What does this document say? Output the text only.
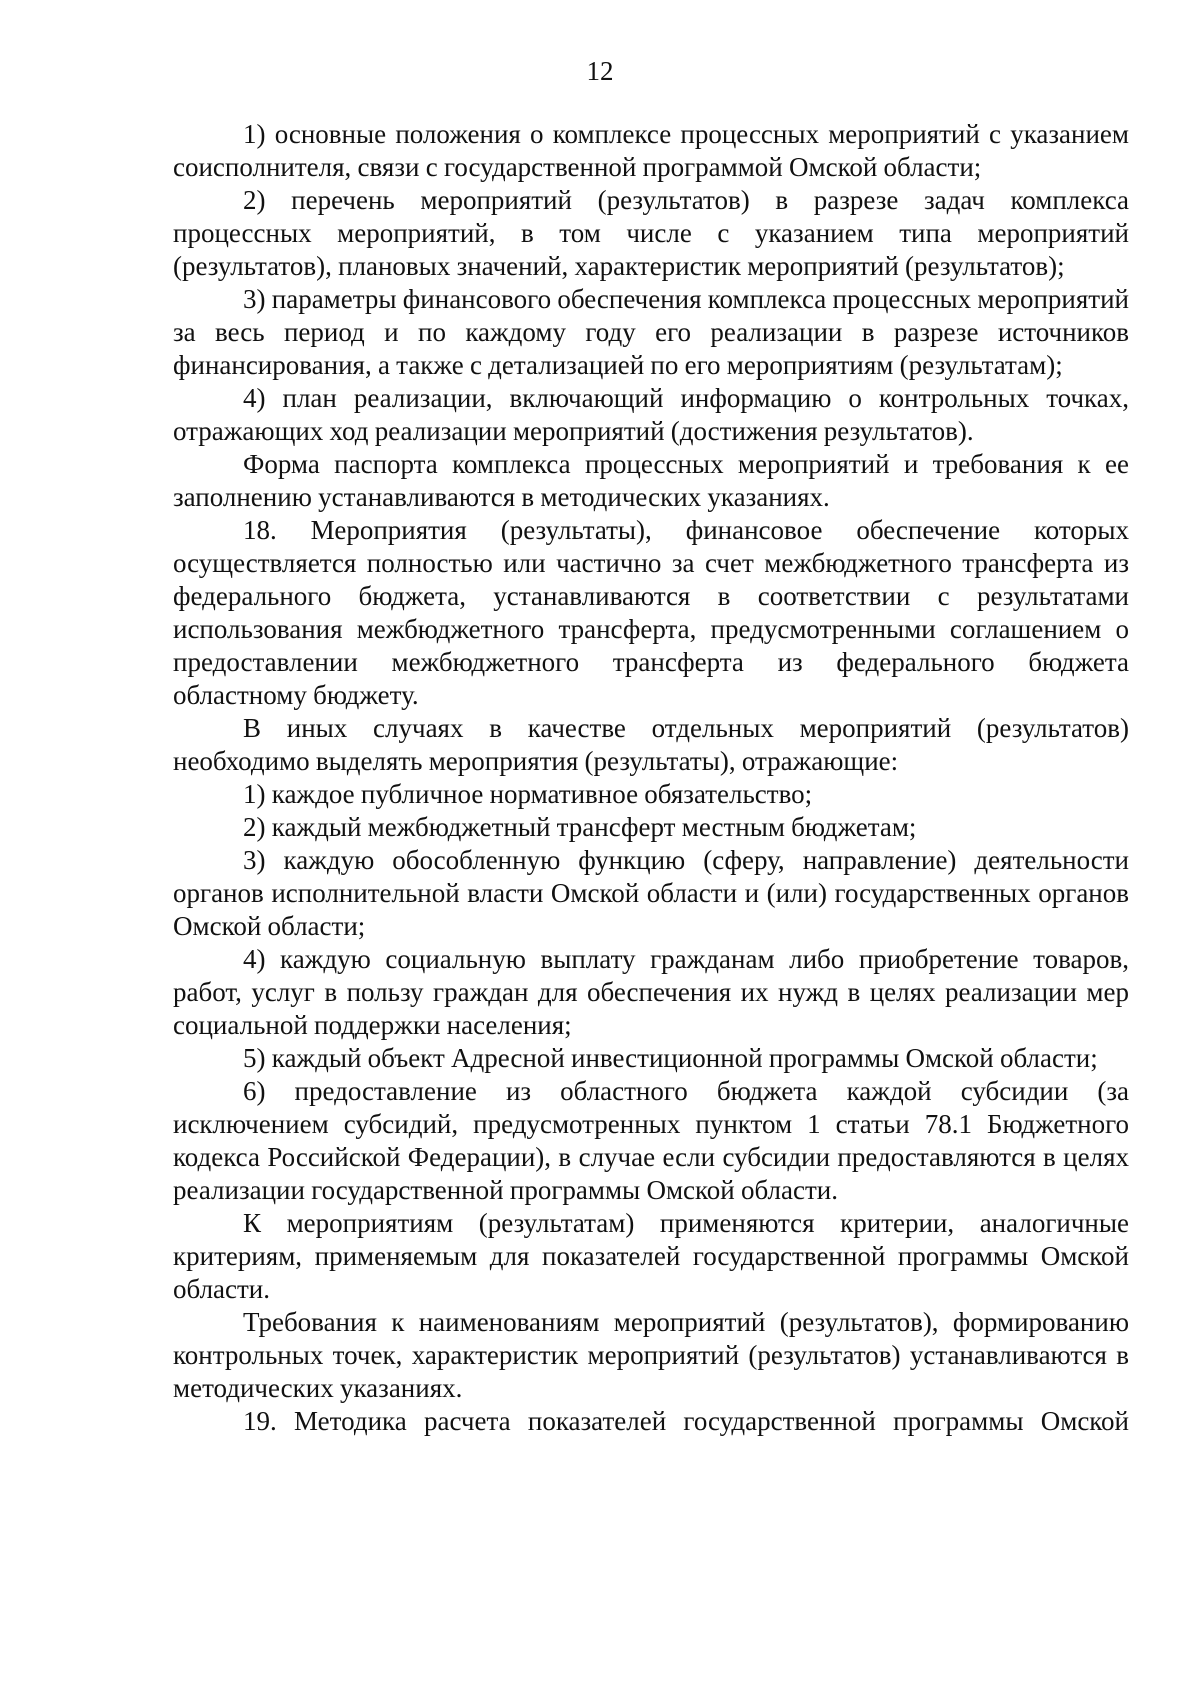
12

1) основные положения о комплексе процессных мероприятий с указанием соисполнителя, связи с государственной программой Омской области;

2) перечень мероприятий (результатов) в разрезе задач комплекса процессных мероприятий, в том числе с указанием типа мероприятий (результатов), плановых значений, характеристик мероприятий (результатов);

3) параметры финансового обеспечения комплекса процессных мероприятий за весь период и по каждому году его реализации в разрезе источников финансирования, а также с детализацией по его мероприятиям (результатам);

4) план реализации, включающий информацию о контрольных точках, отражающих ход реализации мероприятий (достижения результатов).

Форма паспорта комплекса процессных мероприятий и требования к ее заполнению устанавливаются в методических указаниях.

18. Мероприятия (результаты), финансовое обеспечение которых осуществляется полностью или частично за счет межбюджетного трансферта из федерального бюджета, устанавливаются в соответствии с результатами использования межбюджетного трансферта, предусмотренными соглашением о предоставлении межбюджетного трансферта из федерального бюджета областному бюджету.

В иных случаях в качестве отдельных мероприятий (результатов) необходимо выделять мероприятия (результаты), отражающие:

1) каждое публичное нормативное обязательство;

2) каждый межбюджетный трансферт местным бюджетам;

3) каждую обособленную функцию (сферу, направление) деятельности органов исполнительной власти Омской области и (или) государственных органов Омской области;

4) каждую социальную выплату гражданам либо приобретение товаров, работ, услуг в пользу граждан для обеспечения их нужд в целях реализации мер социальной поддержки населения;

5) каждый объект Адресной инвестиционной программы Омской области;

6) предоставление из областного бюджета каждой субсидии (за исключением субсидий, предусмотренных пунктом 1 статьи 78.1 Бюджетного кодекса Российской Федерации), в случае если субсидии предоставляются в целях реализации государственной программы Омской области.

К мероприятиям (результатам) применяются критерии, аналогичные критериям, применяемым для показателей государственной программы Омской области.

Требования к наименованиям мероприятий (результатов), формированию контрольных точек, характеристик мероприятий (результатов) устанавливаются в методических указаниях.

19. Методика расчета показателей государственной программы Омской
